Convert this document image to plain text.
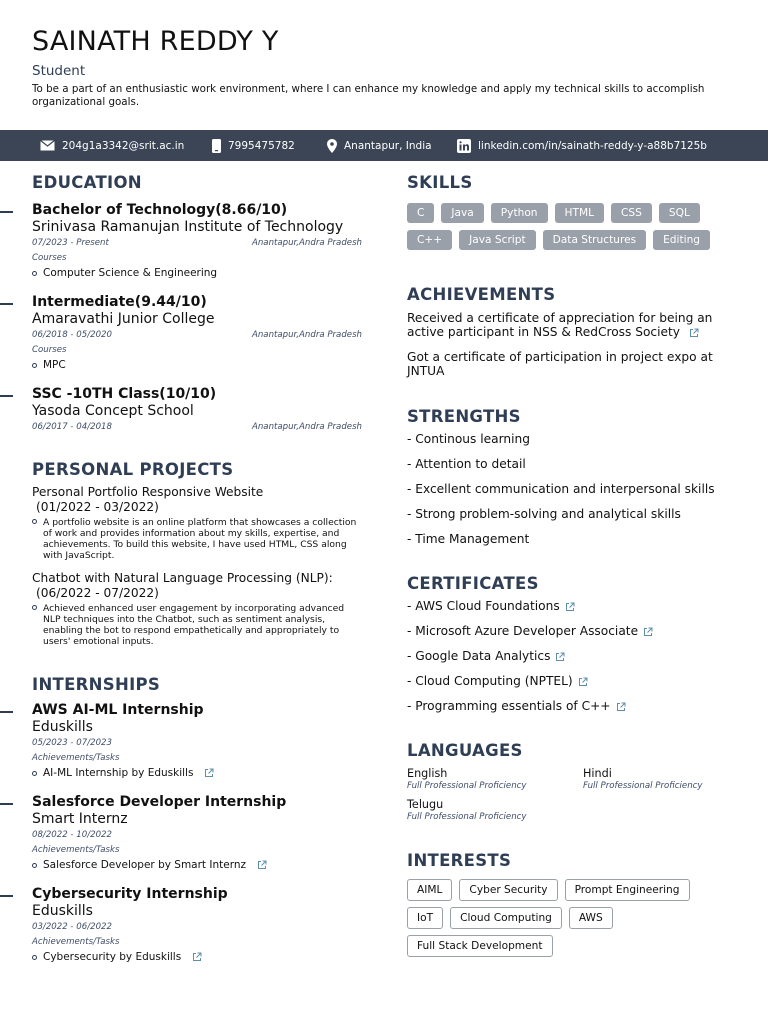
SAINATH REDDY Y
Student
To be a part of an enthusiastic work environment, where I can enhance my knowledge and apply my technical skills to accomplish organizational goals.
204g1a3342@srit.ac.in	7995475782	Anantapur, India	linkedin.com/in/sainath-reddy-y-a88b7125b
EDUCATION
Bachelor of Technology(8.66/10)
Srinivasa Ramanujan Institute of Technology
07/2023 - Present	Anantapur,Andra Pradesh
Courses
Computer Science & Engineering
Intermediate(9.44/10)
Amaravathi Junior College
06/2018 - 05/2020	Anantapur,Andra Pradesh
Courses
MPC
SSC -10TH Class(10/10)
Yasoda Concept School
06/2017 - 04/2018	Anantapur,Andra Pradesh
PERSONAL PROJECTS
Personal Portfolio Responsive Website
(01/2022 - 03/2022)
A portfolio website is an online platform that showcases a collection of work and provides information about my skills, expertise, and achievements. To build this website, I have used HTML, CSS along with JavaScript.
Chatbot with Natural Language Processing (NLP):
(06/2022 - 07/2022)
Achieved enhanced user engagement by incorporating advanced NLP techniques into the Chatbot, such as sentiment analysis, enabling the bot to respond empathetically and appropriately to users' emotional inputs.
INTERNSHIPS
AWS AI-ML Internship
Eduskills
05/2023 - 07/2023
Achievements/Tasks
AI-ML Internship by Eduskills
Salesforce Developer Internship
Smart Internz
08/2022 - 10/2022
Achievements/Tasks
Salesforce Developer by Smart Internz
Cybersecurity Internship
Eduskills
03/2022 - 06/2022
Achievements/Tasks
Cybersecurity by Eduskills
SKILLS
C	Java	Python	HTML	CSS	SQL
C++	Java Script	Data Structures	Editing
ACHIEVEMENTS
Received a certificate of appreciation for being an active participant in NSS & RedCross Society
Got a certificate of participation in project expo at JNTUA
STRENGTHS
- Continous learning
- Attention to detail
- Excellent communication and interpersonal skills
- Strong problem-solving and analytical skills
- Time Management
CERTIFICATES
- AWS Cloud Foundations
- Microsoft Azure Developer Associate
- Google Data Analytics
- Cloud Computing (NPTEL)
- Programming essentials of C++
LANGUAGES
English
Full Professional Proficiency
Hindi
Full Professional Proficiency
Telugu
Full Professional Proficiency
INTERESTS
AIML	Cyber Security	Prompt Engineering
IoT	Cloud Computing	AWS
Full Stack Development
